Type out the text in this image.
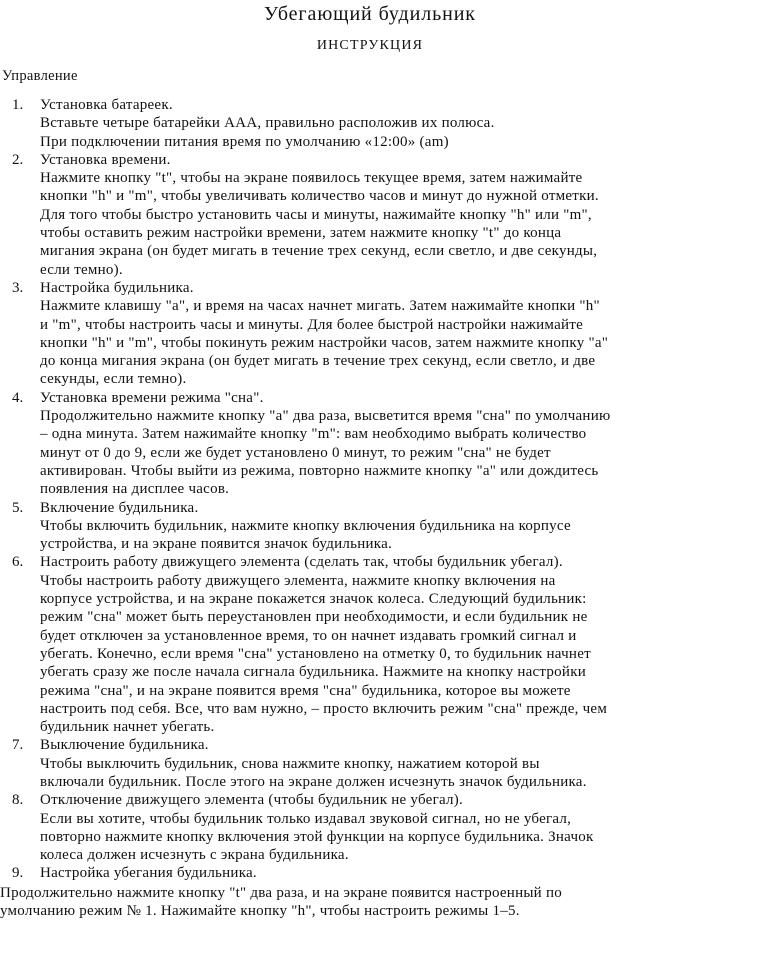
Убегающий будильник
ИНСТРУКЦИЯ
Управление
1. Установка батареек.
Вставьте четыре батарейки AAA, правильно расположив их полюса.
При подключении питания время по умолчанию «12:00» (am)
2. Установка времени.
Нажмите кнопку "t", чтобы на экране появилось текущее время, затем нажимайте
кнопки "h" и "m", чтобы увеличивать количество часов и минут до нужной отметки.
Для того чтобы быстро установить часы и минуты, нажимайте кнопку "h" или "m",
чтобы оставить режим настройки времени, затем нажмите кнопку "t" до конца
мигания экрана (он будет мигать в течение трех секунд, если светло, и две секунды,
если темно).
3. Настройка будильника.
Нажмите клавишу "a", и время на часах начнет мигать. Затем нажимайте кнопки "h"
и "m", чтобы настроить часы и минуты. Для более быстрой настройки нажимайте
кнопки "h" и "m", чтобы покинуть режим настройки часов, затем нажмите кнопку "a"
до конца мигания экрана (он будет мигать в течение трех секунд, если светло, и две
секунды, если темно).
4. Установка времени режима "сна".
Продолжительно нажмите кнопку "a" два раза, высветится время "сна" по умолчанию
– одна минута. Затем нажимайте кнопку "m": вам необходимо выбрать количество
минут от 0 до 9, если же будет установлено 0 минут, то режим "сна" не будет
активирован. Чтобы выйти из режима, повторно нажмите кнопку "a" или дождитесь
появления на дисплее часов.
5. Включение будильника.
Чтобы включить будильник, нажмите кнопку включения будильника на корпусе
устройства, и на экране появится значок будильника.
6. Настроить работу движущего элемента (сделать так, чтобы будильник убегал).
Чтобы настроить работу движущего элемента, нажмите кнопку включения на
корпусе устройства, и на экране покажется значок колеса. Следующий будильник:
режим "сна" может быть переустановлен при необходимости, и если будильник не
будет отключен за установленное время, то он начнет издавать громкий сигнал и
убегать. Конечно, если время "сна" установлено на отметку 0, то будильник начнет
убегать сразу же после начала сигнала будильника. Нажмите на кнопку настройки
режима "сна", и на экране появится время "сна" будильника, которое вы можете
настроить под себя. Все, что вам нужно, – просто включить режим "сна" прежде, чем
будильник начнет убегать.
7. Выключение будильника.
Чтобы выключить будильник, снова нажмите кнопку, нажатием которой вы
включали будильник. После этого на экране должен исчезнуть значок будильника.
8. Отключение движущего элемента (чтобы будильник не убегал).
Если вы хотите, чтобы будильник только издавал звуковой сигнал, но не убегал,
повторно нажмите кнопку включения этой функции на корпусе будильника. Значок
колеса должен исчезнуть с экрана будильника.
9. Настройка убегания будильника.

Продолжительно нажмите кнопку "t" два раза, и на экране появится настроенный по
умолчанию режим № 1. Нажимайте кнопку "h", чтобы настроить режимы 1–5.
